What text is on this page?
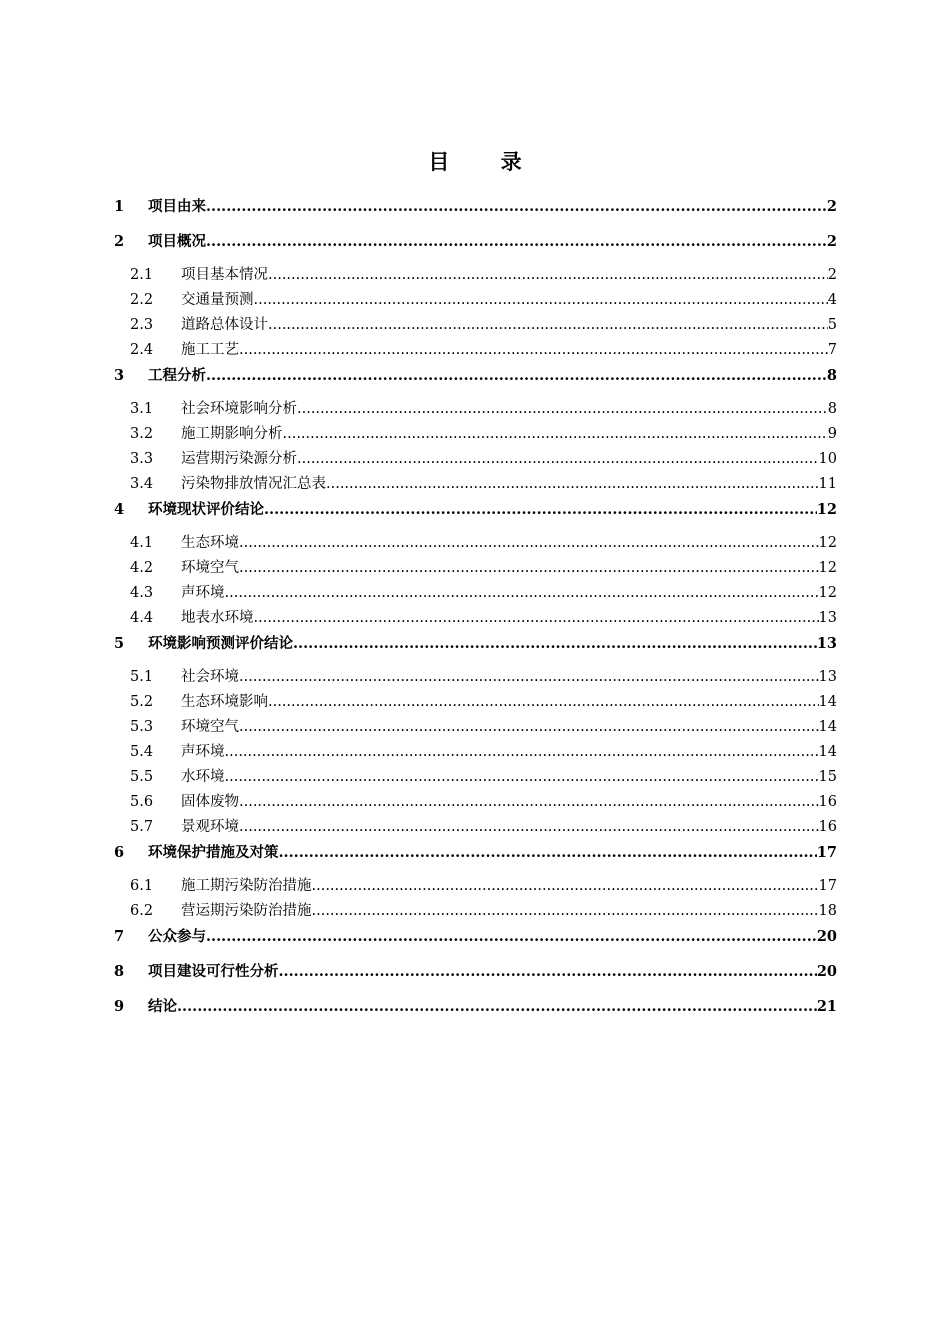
目 录
1	项目由来 .....	2
2	项目概况 .....	2
2.1	项目基本情况 .....	2
2.2	交通量预测 .....	4
2.3	道路总体设计 .....	5
2.4	施工工艺 .....	7
3	工程分析 .....	8
3.1	社会环境影响分析 .....	8
3.2	施工期影响分析 .....	9
3.3	运营期污染源分析 .....	10
3.4	污染物排放情况汇总表 .....	11
4	环境现状评价结论 .....	12
4.1	生态环境 .....	12
4.2	环境空气 .....	12
4.3	声环境 .....	12
4.4	地表水环境 .....	13
5	环境影响预测评价结论 .....	13
5.1	社会环境 .....	13
5.2	生态环境影响 .....	14
5.3	环境空气 .....	14
5.4	声环境 .....	14
5.5	水环境 .....	15
5.6	固体废物 .....	16
5.7	景观环境 .....	16
6	环境保护措施及对策 .....	17
6.1	施工期污染防治措施 .....	17
6.2	营运期污染防治措施 .....	18
7	公众参与 .....	20
8	项目建设可行性分析 .....	20
9	结论 .....	21
